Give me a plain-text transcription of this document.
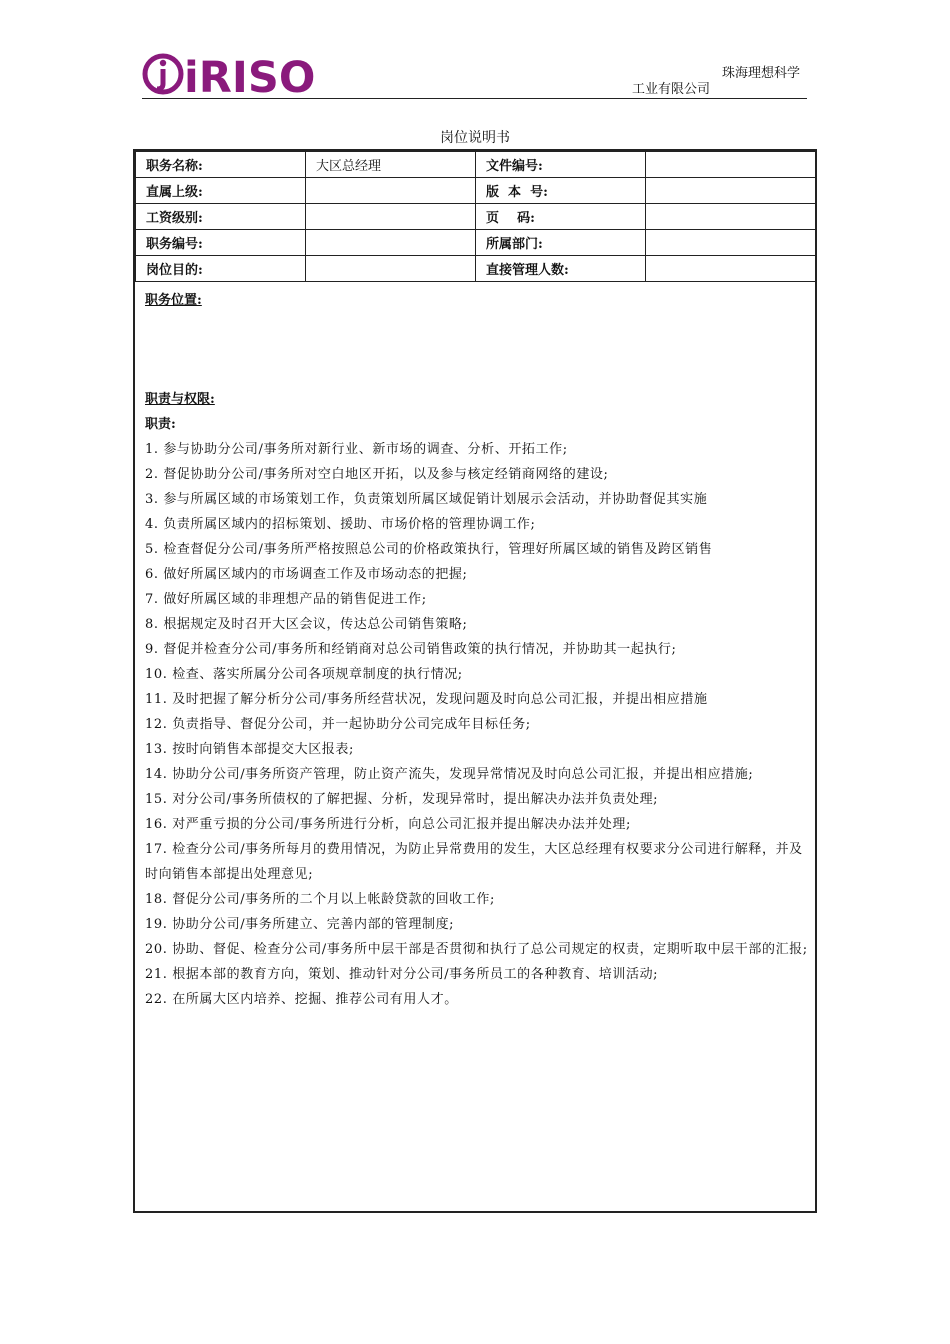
iRISO	珠海理想科学
工业有限公司
岗位说明书
职务名称:	大区总经理	文件编号:	
直属上级:		版  本  号:	
工资级别:		页    码:	
职务编号:		所属部门:	
岗位目的:		直接管理人数:	
职务位置:
职责与权限:
职责:
1. 参与协助分公司/事务所对新行业、新市场的调查、分析、开拓工作;
2. 督促协助分公司/事务所对空白地区开拓，以及参与核定经销商网络的建设;
3. 参与所属区域的市场策划工作，负责策划所属区域促销计划展示会活动，并协助督促其实施
4. 负责所属区域内的招标策划、援助、市场价格的管理协调工作;
5. 检查督促分公司/事务所严格按照总公司的价格政策执行，管理好所属区域的销售及跨区销售
6. 做好所属区域内的市场调查工作及市场动态的把握;
7. 做好所属区域的非理想产品的销售促进工作;
8. 根据规定及时召开大区会议，传达总公司销售策略;
9. 督促并检查分公司/事务所和经销商对总公司销售政策的执行情况，并协助其一起执行;
10. 检查、落实所属分公司各项规章制度的执行情况;
11. 及时把握了解分析分公司/事务所经营状况，发现问题及时向总公司汇报，并提出相应措施
12. 负责指导、督促分公司，并一起协助分公司完成年目标任务;
13. 按时向销售本部提交大区报表;
14. 协助分公司/事务所资产管理，防止资产流失，发现异常情况及时向总公司汇报，并提出相应措施;
15. 对分公司/事务所债权的了解把握、分析，发现异常时，提出解决办法并负责处理;
16. 对严重亏损的分公司/事务所进行分析，向总公司汇报并提出解决办法并处理;
17. 检查分公司/事务所每月的费用情况，为防止异常费用的发生，大区总经理有权要求分公司进行解释，并及时向销售本部提出处理意见;
18. 督促分公司/事务所的二个月以上帐龄贷款的回收工作;
19. 协助分公司/事务所建立、完善内部的管理制度;
20. 协助、督促、检查分公司/事务所中层干部是否贯彻和执行了总公司规定的权责，定期听取中层干部的汇报;
21. 根据本部的教育方向，策划、推动针对分公司/事务所员工的各种教育、培训活动;
22. 在所属大区内培养、挖掘、推荐公司有用人才。
